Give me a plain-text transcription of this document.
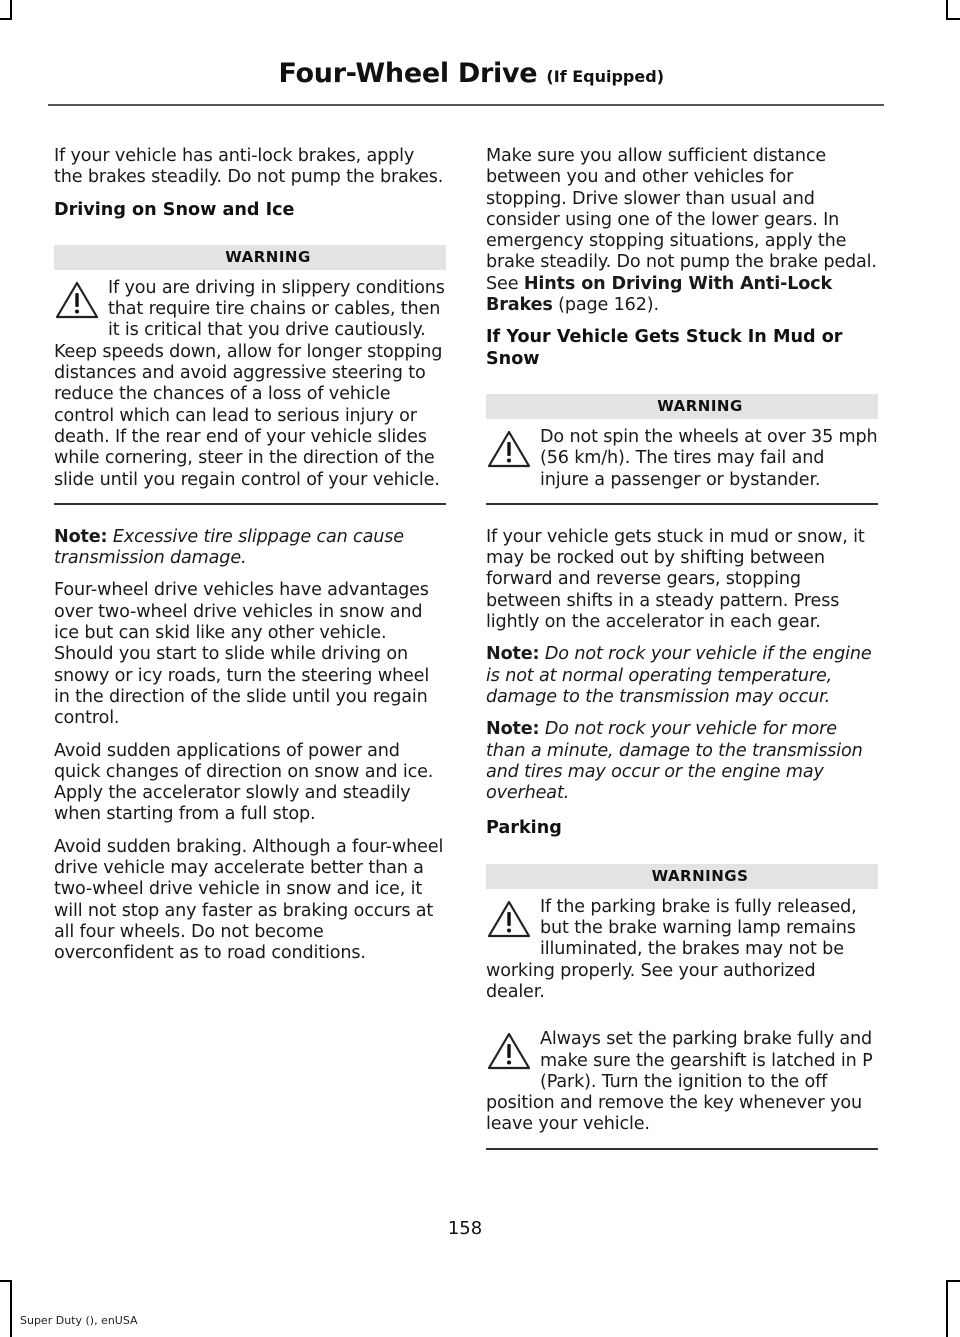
Four-Wheel Drive (If Equipped)

If your vehicle has anti-lock brakes, apply the brakes steadily. Do not pump the brakes.

Driving on Snow and Ice

WARNING
If you are driving in slippery conditions that require tire chains or cables, then it is critical that you drive cautiously. Keep speeds down, allow for longer stopping distances and avoid aggressive steering to reduce the chances of a loss of vehicle control which can lead to serious injury or death. If the rear end of your vehicle slides while cornering, steer in the direction of the slide until you regain control of your vehicle.

Note: Excessive tire slippage can cause transmission damage.

Four-wheel drive vehicles have advantages over two-wheel drive vehicles in snow and ice but can skid like any other vehicle. Should you start to slide while driving on snowy or icy roads, turn the steering wheel in the direction of the slide until you regain control.

Avoid sudden applications of power and quick changes of direction on snow and ice. Apply the accelerator slowly and steadily when starting from a full stop.

Avoid sudden braking. Although a four-wheel drive vehicle may accelerate better than a two-wheel drive vehicle in snow and ice, it will not stop any faster as braking occurs at all four wheels. Do not become overconfident as to road conditions.

Make sure you allow sufficient distance between you and other vehicles for stopping. Drive slower than usual and consider using one of the lower gears. In emergency stopping situations, apply the brake steadily. Do not pump the brake pedal. See Hints on Driving With Anti-Lock Brakes (page 162).

If Your Vehicle Gets Stuck In Mud or Snow

WARNING
Do not spin the wheels at over 35 mph (56 km/h). The tires may fail and injure a passenger or bystander.

If your vehicle gets stuck in mud or snow, it may be rocked out by shifting between forward and reverse gears, stopping between shifts in a steady pattern. Press lightly on the accelerator in each gear.

Note: Do not rock your vehicle if the engine is not at normal operating temperature, damage to the transmission may occur.

Note: Do not rock your vehicle for more than a minute, damage to the transmission and tires may occur or the engine may overheat.

Parking

WARNINGS
If the parking brake is fully released, but the brake warning lamp remains illuminated, the brakes may not be working properly. See your authorized dealer.
Always set the parking brake fully and make sure the gearshift is latched in P (Park). Turn the ignition to the off position and remove the key whenever you leave your vehicle.
158
Super Duty (), enUSA
